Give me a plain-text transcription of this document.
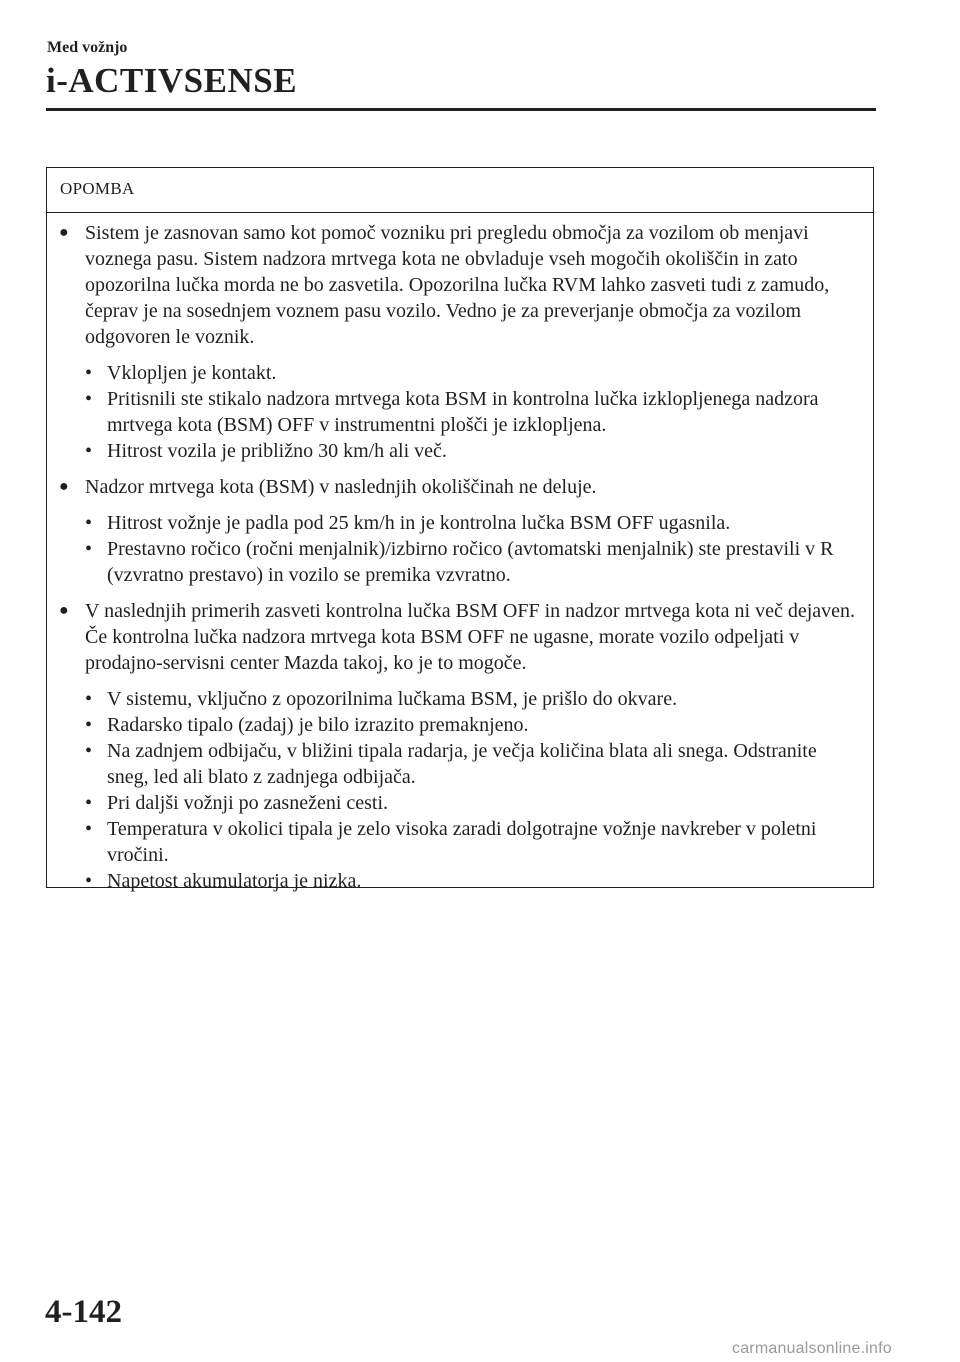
Med vožnjo
i-ACTIVSENSE
OPOMBA
● Sistem je zasnovan samo kot pomoč vozniku pri pregledu območja za vozilom ob menjavi voznega pasu. Sistem nadzora mrtvega kota ne obvladuje vseh mogočih okoliščin in zato opozorilna lučka morda ne bo zasvetila. Opozorilna lučka RVM lahko zasveti tudi z zamudo, čeprav je na sosednjem voznem pasu vozilo. Vedno je za preverjanje območja za vozilom odgovoren le voznik.
• Vklopljen je kontakt.
• Pritisnili ste stikalo nadzora mrtvega kota BSM in kontrolna lučka izklopljenega nadzora mrtvega kota (BSM) OFF v instrumentni plošči je izklopljena.
• Hitrost vozila je približno 30 km/h ali več.
● Nadzor mrtvega kota (BSM) v naslednjih okoliščinah ne deluje.
• Hitrost vožnje je padla pod 25 km/h in je kontrolna lučka BSM OFF ugasnila.
• Prestavno ročico (ročni menjalnik)/izbirno ročico (avtomatski menjalnik) ste prestavili v R (vzvratno prestavo) in vozilo se premika vzvratno.
● V naslednjih primerih zasveti kontrolna lučka BSM OFF in nadzor mrtvega kota ni več dejaven. Če kontrolna lučka nadzora mrtvega kota BSM OFF ne ugasne, morate vozilo odpeljati v prodajno-servisni center Mazda takoj, ko je to mogoče.
• V sistemu, vključno z opozorilnima lučkama BSM, je prišlo do okvare.
• Radarsko tipalo (zadaj) je bilo izrazito premaknjeno.
• Na zadnjem odbijaču, v bližini tipala radarja, je večja količina blata ali snega. Odstranite sneg, led ali blato z zadnjega odbijača.
• Pri daljši vožnji po zasneženi cesti.
• Temperatura v okolici tipala je zelo visoka zaradi dolgotrajne vožnje navkreber v poletni vročini.
• Napetost akumulatorja je nizka.
4-142
carmanualsonline.info
